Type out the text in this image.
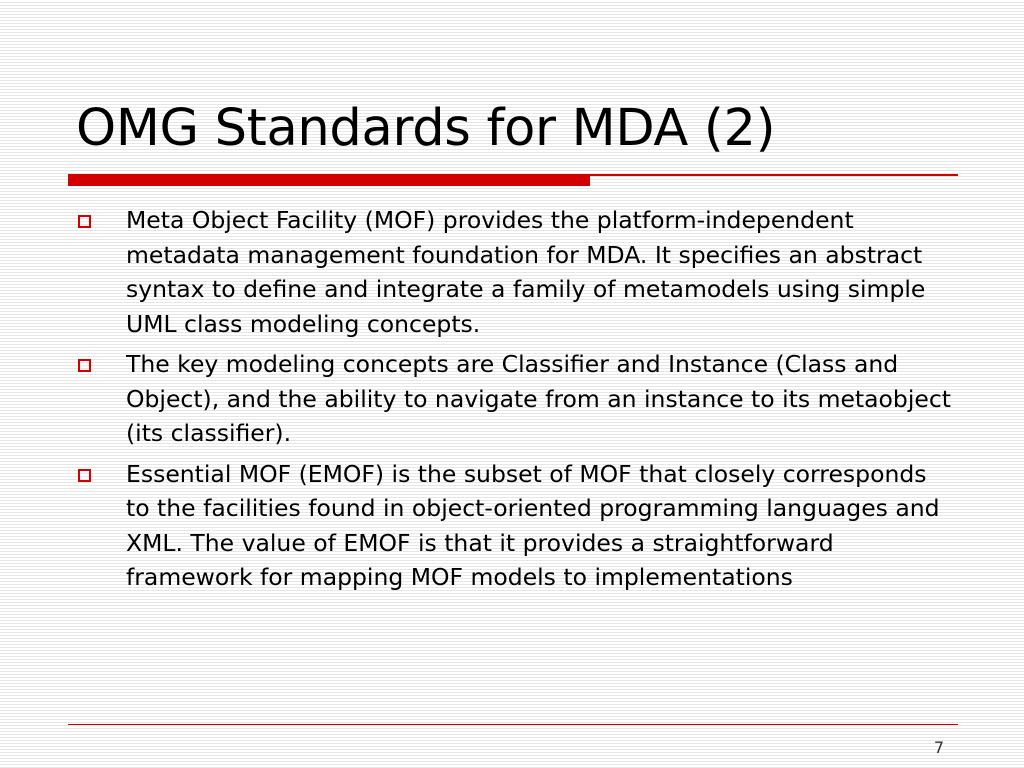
OMG Standards for MDA (2)
Meta Object Facility (MOF) provides the platform-independent metadata management foundation for MDA. It specifies an abstract syntax to define and integrate a family of metamodels using simple UML class modeling concepts.
The key modeling concepts are Classifier and Instance (Class and Object), and the ability to navigate from an instance to its metaobject (its classifier).
Essential MOF (EMOF) is the subset of MOF that closely corresponds to the facilities found in object-oriented programming languages and XML. The value of EMOF is that it provides a straightforward framework for mapping MOF models to implementations
7
